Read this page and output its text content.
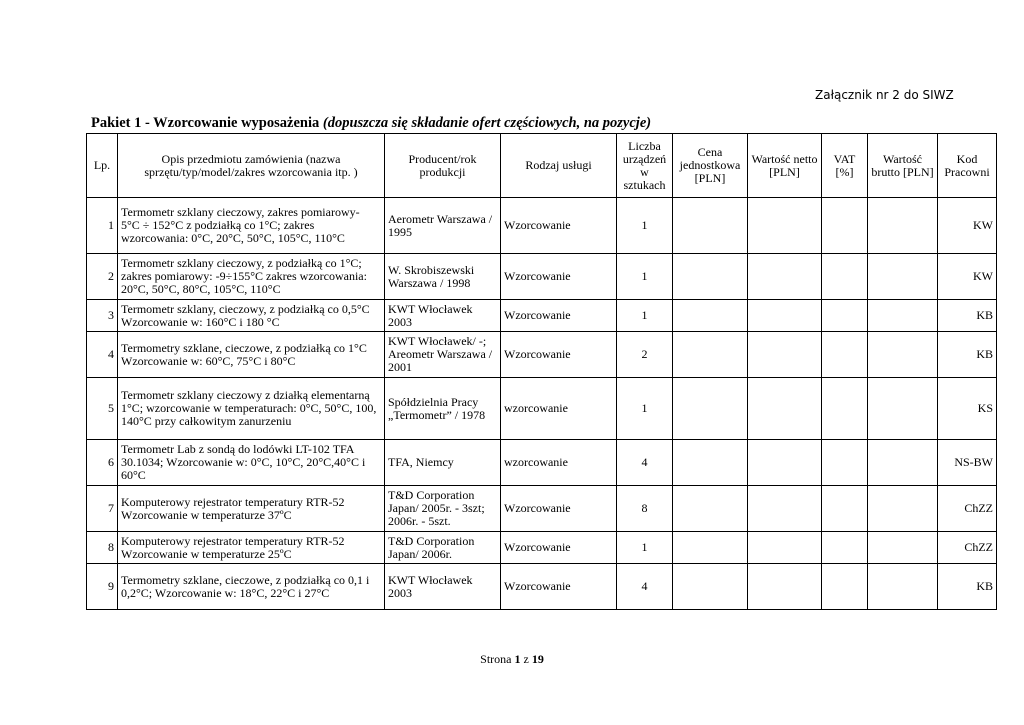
Załącznik nr 2 do SIWZ
Pakiet 1 - Wzorcowanie wyposażenia (dopuszcza się składanie ofert częściowych, na pozycje)
Lp.	Opis przedmiotu zamówienia (nazwa sprzętu/typ/model/zakres wzorcowania itp. )	Producent/rok produkcji	Rodzaj usługi	Liczba urządzeń w sztukach	Cena jednostkowa [PLN]	Wartość netto [PLN]	VAT [%]	Wartość brutto [PLN]	Kod Pracowni
1	Termometr szklany cieczowy, zakres pomiarowy- 5°C ÷ 152°C z podziałką co 1°C; zakres wzorcowania: 0°C, 20°C, 50°C, 105°C, 110°C	Aerometr Warszawa / 1995	Wzorcowanie	1					KW
2	Termometr szklany cieczowy, z podziałką co 1°C; zakres pomiarowy: -9÷155°C zakres wzorcowania: 20°C, 50°C, 80°C, 105°C, 110°C	W. Skrobiszewski Warszawa / 1998	Wzorcowanie	1					KW
3	Termometr szklany, cieczowy, z podziałką co 0,5°C Wzorcowanie w: 160°C i 180 °C	KWT Włocławek 2003	Wzorcowanie	1					KB
4	Termometry szklane, cieczowe, z podziałką co 1°C Wzorcowanie w: 60°C, 75°C i 80°C	KWT Włocławek/ -; Areometr Warszawa / 2001	Wzorcowanie	2					KB
5	Termometr szklany cieczowy z działką elementarną 1°C; wzorcowanie w temperaturach: 0°C, 50°C, 100, 140°C przy całkowitym zanurzeniu	Spółdzielnia Pracy „Termometr” / 1978	wzorcowanie	1					KS
6	Termometr Lab z sondą do lodówki LT-102 TFA 30.1034; Wzorcowanie w: 0°C, 10°C, 20°C,40°C i 60°C	TFA, Niemcy	wzorcowanie	4					NS-BW
7	Komputerowy rejestrator temperatury RTR-52 Wzorcowanie w temperaturze 37ºC	T&D Corporation Japan/ 2005r. - 3szt; 2006r. - 5szt.	Wzorcowanie	8					ChZZ
8	Komputerowy rejestrator temperatury RTR-52 Wzorcowanie w temperaturze 25ºC	T&D Corporation Japan/ 2006r.	Wzorcowanie	1					ChZZ
9	Termometry szklane, cieczowe, z podziałką co 0,1 i 0,2°C; Wzorcowanie w: 18°C, 22°C i 27°C	KWT Włocławek 2003	Wzorcowanie	4					KB
Strona 1 z 19
